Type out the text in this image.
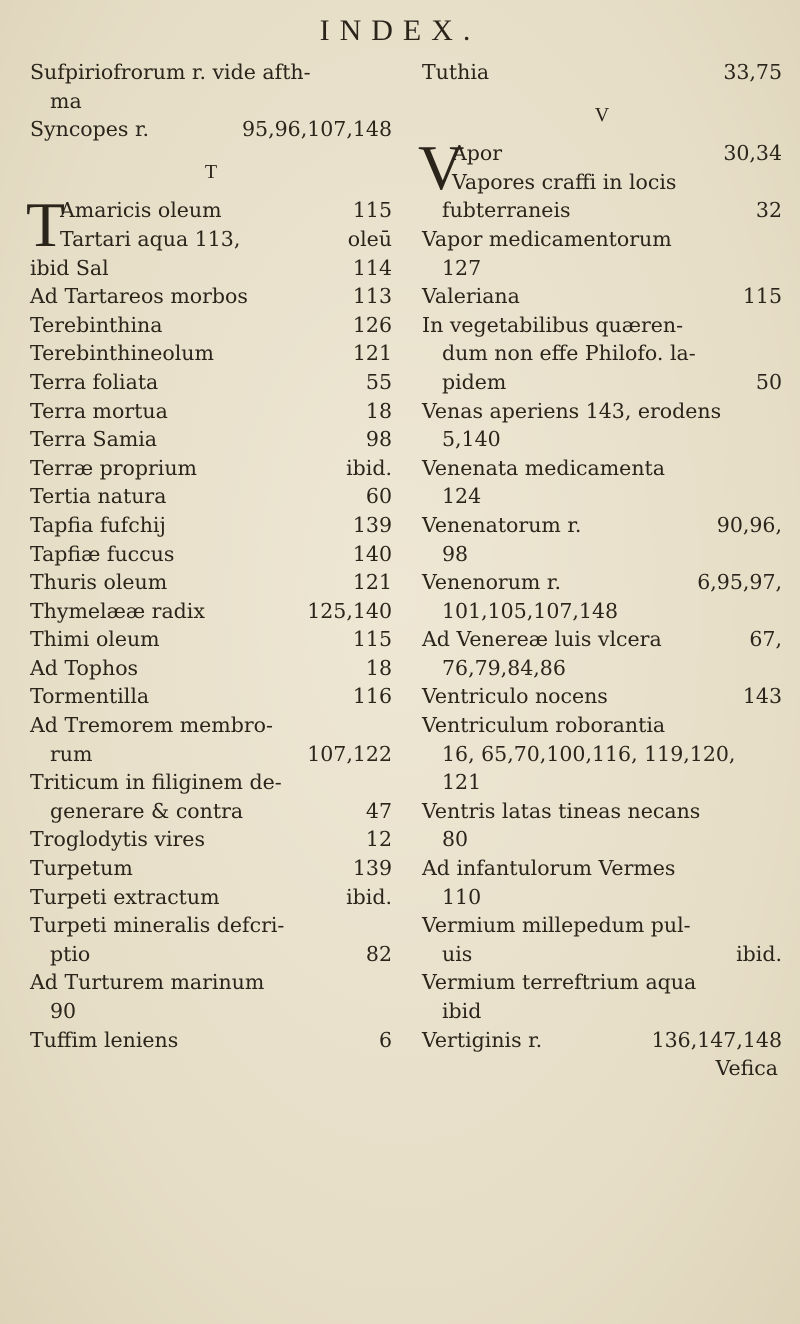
INDEX.
Sufpiriofrorum r. vide afth-
ma
95,96,107,148
Syncopes r.
T
T	115
Amaricis oleum
oleū
Tartari aqua 113,
114
ibid Sal
113
Ad Tartareos morbos
126
Terebinthina
121
Terebinthineolum
55
Terra foliata
18
Terra mortua
98
Terra Samia
ibid.
Terræ proprium
60
Tertia natura
139
Tapfia fufchij
140
Tapfiæ fuccus
121
Thuris oleum
125,140
Thymelææ radix
115
Thimi oleum
18
Ad Tophos
116
Tormentilla
Ad Tremorem membro-
107,122
rum
Triticum in filiginem de-
47
generare & contra
12
Troglodytis vires
139
Turpetum
ibid.
Turpeti extractum
Turpeti mineralis defcri-
82
ptio
Ad Turturem marinum
90
6
Tuffim leniens
33,75
Tuthia
V
V	30,34
Apor
Vapores craffi in locis
32
fubterraneis
Vapor medicamentorum
127
115
Valeriana
In vegetabilibus quæren-
dum non effe Philofo. la-
50
pidem
Venas aperiens 143, erodens
5,140
Venenata medicamenta
124
90,96,
Venenatorum r.
98
6,95,97,
Venenorum r.
101,105,107,148
67,
Ad Venereæ luis vlcera
76,79,84,86
143
Ventriculo nocens
Ventriculum roborantia
16, 65,70,100,116, 119,120,
121
Ventris latas tineas necans
80
Ad infantulorum Vermes
110
Vermium millepedum pul-
ibid.
uis
Vermium terreftrium aqua
ibid
136,147,148
Vertiginis r.
Vefica
